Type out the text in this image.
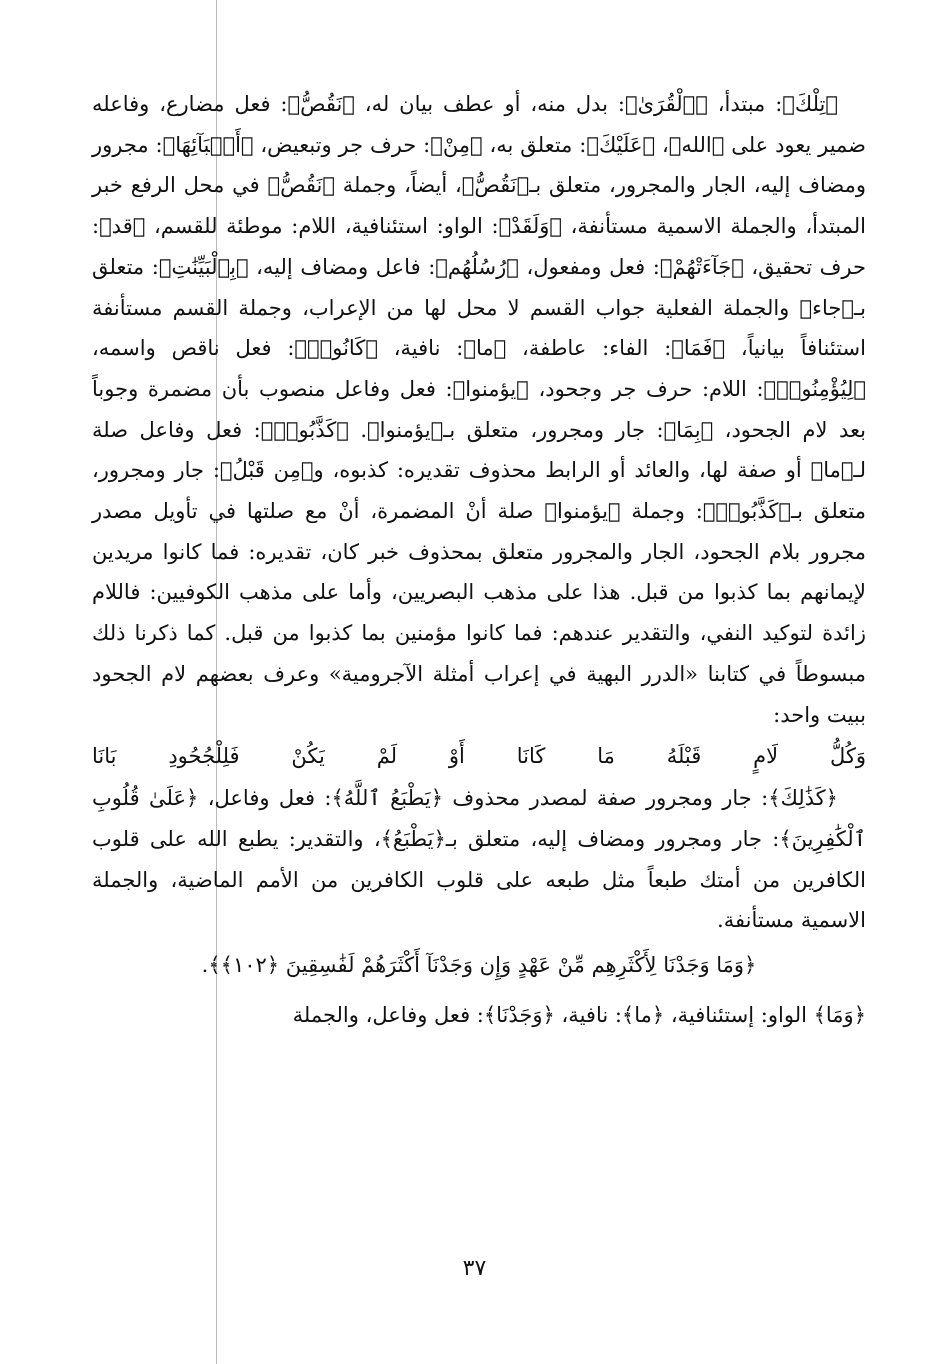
﴿تِلْكَ﴾: مبتدأ، ﴿ٱلْقُرَىٰ﴾: بدل منه، أو عطف بيان له، ﴿نَقُصُّ﴾: فعل مضارع، وفاعله ضمير يعود على ﴿الله﴾، ﴿عَلَيْكَ﴾: متعلق به، ﴿مِنْ﴾: حرف جر وتبعيض، ﴿أَنۢبَآئِهَا﴾: مجرور ومضاف إليه، الجار والمجرور، متعلق بـ﴿نَقُصُّ﴾، أيضاً، وجملة ﴿نَقُصُّ﴾ في محل الرفع خبر المبتدأ، والجملة الاسمية مستأنفة، ﴿وَلَقَدْ﴾: الواو: استئنافية، اللام: موطئة للقسم، ﴿قد﴾: حرف تحقيق، ﴿جَآءَتْهُمْ﴾: فعل ومفعول، ﴿رُسُلُهُم﴾: فاعل ومضاف إليه، ﴿بِٱلْبَيِّنَٰتِ﴾: متعلق بـ﴿جاء﴾ والجملة الفعلية جواب القسم لا محل لها من الإعراب، وجملة القسم مستأنفة استئنافاً بيانياً، ﴿فَمَا﴾: الفاء: عاطفة، ﴿ما﴾: نافية، ﴿كَانُوا۟﴾: فعل ناقص واسمه، ﴿لِيُؤْمِنُوا۟﴾: اللام: حرف جر وجحود، ﴿يؤمنوا﴾: فعل وفاعل منصوب بأن مضمرة وجوباً بعد لام الجحود، ﴿بِمَا﴾: جار ومجرور، متعلق بـ﴿يؤمنوا﴾. ﴿كَذَّبُوا۟﴾: فعل وفاعل صلة لـ﴿ما﴾ أو صفة لها، والعائد أو الرابط محذوف تقديره: كذبوه، و﴿مِن قَبْلُ﴾: جار ومجرور، متعلق بـ﴿كَذَّبُوا۟﴾: وجملة ﴿يؤمنوا﴾ صلة أنْ المضمرة، أنْ مع صلتها في تأويل مصدر مجرور بلام الجحود، الجار والمجرور متعلق بمحذوف خبر كان، تقديره: فما كانوا مريدين لإيمانهم بما كذبوا من قبل. هذا على مذهب البصريين، وأما على مذهب الكوفيين: فاللام زائدة لتوكيد النفي، والتقدير عندهم: فما كانوا مؤمنين بما كذبوا من قبل. كما ذكرنا ذلك مبسوطاً في كتابنا «الدرر البهية في إعراب أمثلة الآجرومية» وعرف بعضهم لام الجحود ببيت واحد:

وَكُلُّ لَامٍ قَبْلَهُ مَا كَانَا أَوْ لَمْ يَكُنْ فَلِلْجُحُودِ بَانَا

﴿كَذَٰلِكَ﴾: جار ومجرور صفة لمصدر محذوف ﴿يَطْبَعُ ٱللَّهُ﴾: فعل وفاعل، ﴿عَلَىٰ قُلُوبِ ٱلْكَٰفِرِينَ﴾: جار ومجرور ومضاف إليه، متعلق بـ﴿يَطْبَعُ﴾، والتقدير: يطبع الله على قلوب الكافرين من أمتك طبعاً مثل طبعه على قلوب الكافرين من الأمم الماضية، والجملة الاسمية مستأنفة.

﴿وَمَا وَجَدْنَا لِأَكْثَرِهِم مِّنْ عَهْدٍ وَإِن وَجَدْنَآ أَكْثَرَهُمْ لَفَٰسِقِينَ ﴿١٠٢﴾﴾.

﴿وَمَا﴾ الواو: إستئنافية، ﴿ما﴾: نافية، ﴿وَجَدْنَا﴾: فعل وفاعل، والجملة

٣٧
